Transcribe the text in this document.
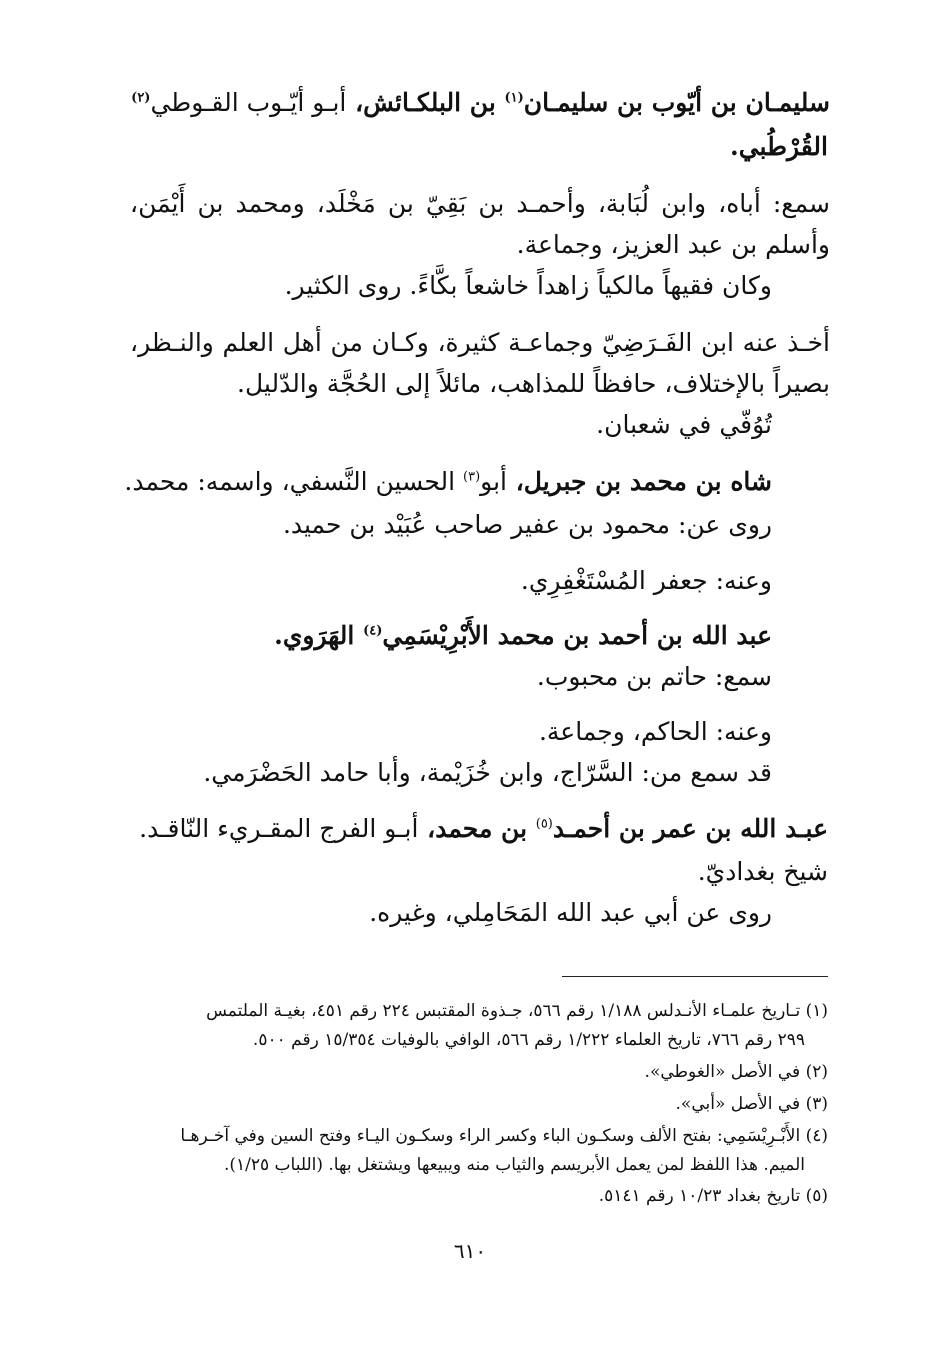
سليمـان بن أيّوب بن سليمـان$^{(١)}$ بن البلكـائش، أبـو أيّـوب القـوطي$^{(٢)}$
القُرْطُبي.
سمع: أباه، وابن لُبَابة، وأحمـد بن بَقِيّ بن مَخْلَد، ومحمد بن أَيْمَن،
وأسلم بن عبد العزيز، وجماعة.
وكان فقيهاً مالكياً زاهداً خاشعاً بكَّاءً. روى الكثير.
أخـذ عنه ابن الفَـرَضِيّ وجماعـة كثيرة، وكـان من أهل العلم والنـظر،
بصيراً بالإختلاف، حافظاً للمذاهب، مائلاً إلى الحُجَّة والدّليل.
تُوُفّي في شعبان.
شاه بن محمد بن جبريل، أبو$^{(٣)}$ الحسين النَّسفي، واسمه: محمد.
روى عن: محمود بن عفير صاحب عُبَيْد بن حميد.
وعنه: جعفر المُسْتَغْفِرِي.
عبد الله بن أحمد بن محمد الأَبْرِيْسَمِي$^{(٤)}$ الهَرَوي.
سمع: حاتم بن محبوب.
وعنه: الحاكم، وجماعة.
قد سمع من: السَّرّاج، وابن خُزَيْمة، وأبا حامد الحَضْرَمي.
عبـد الله بن عمر بن أحمـد$^{(٥)}$ بن محمد، أبـو الفرج المقـريء النّاقـد.
شيخ بغداديّ.
روى عن أبي عبد الله المَحَامِلي، وغيره.
(١) تـاريخ علمـاء الأنـدلس ١/١٨٨ رقم ٥٦٦، جـذوة المقتبس ٢٢٤ رقم ٤٥١، بغيـة الملتمس
٢٩٩ رقم ٧٦٦، تاريخ العلماء ١/٢٢٢ رقم ٥٦٦، الوافي بالوفيات ١٥/٣٥٤ رقم ٥٠٠.
(٢) في الأصل «الغوطي».
(٣) في الأصل «أبي».
(٤) الأَبْـرِيْسَمِي: بفتح الألف وسكـون الباء وكسر الراء وسكـون اليـاء وفتح السين وفي آخـرهـا
الميم. هذا اللفظ لمن يعمل الأبريسم والثياب منه ويبيعها ويشتغل بها. (اللباب ١/٢٥).
(٥) تاريخ بغداد ١٠/٢٣ رقم ٥١٤١.
٦١٠
